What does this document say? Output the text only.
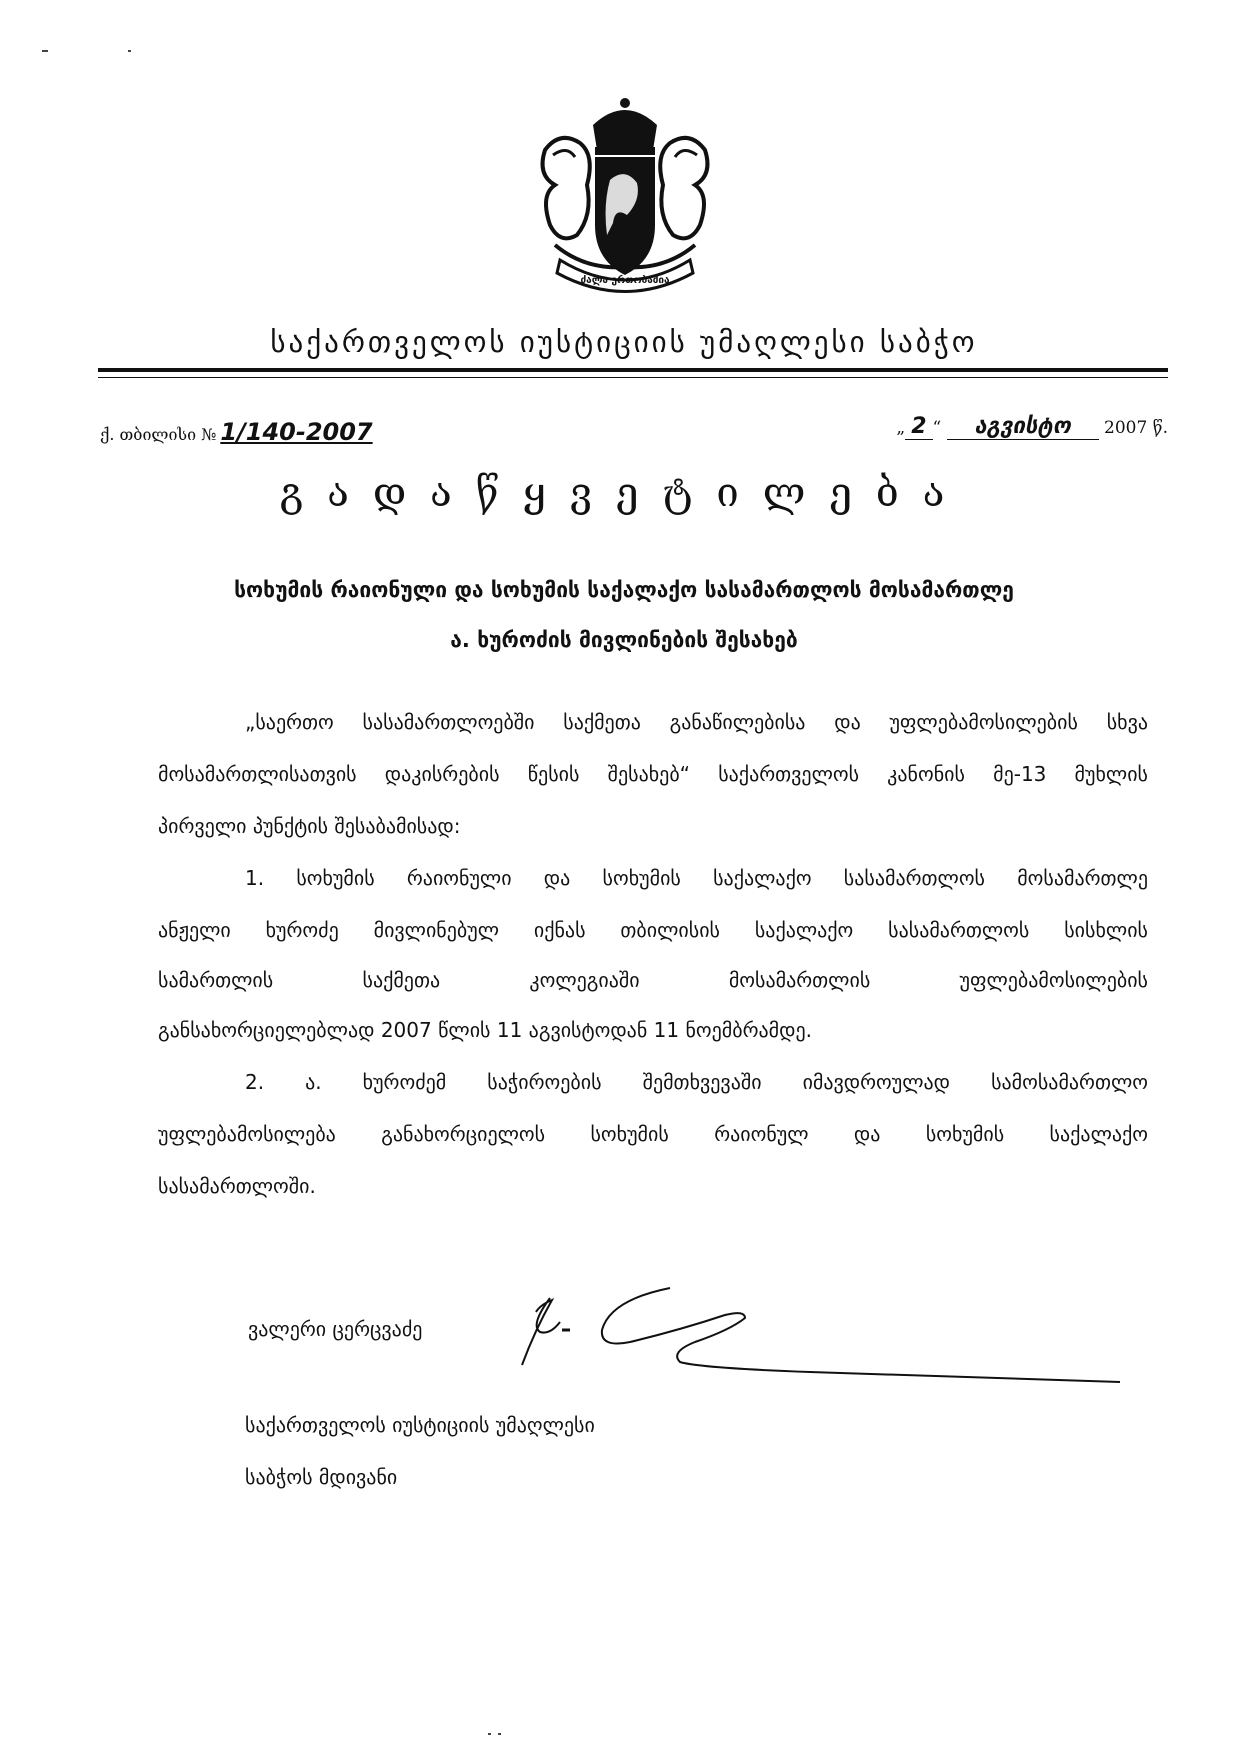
ძალა ერთობაშია
საქართველოს იუსტიციის უმაღლესი საბჭო
ქ. თბილისი № 1/140-2007	„ 2 “ აგვისტო 2007 წ.
გადაწყვეტილება
სოხუმის რაიონული და სოხუმის საქალაქო სასამართლოს მოსამართლე
ა. ხუროძის მივლინების შესახებ
„საერთო სასამართლოებში საქმეთა განაწილებისა და უფლებამოსილების სხვა
მოსამართლისათვის დაკისრების წესის შესახებ“ საქართველოს კანონის მე-13 მუხლის
პირველი პუნქტის შესაბამისად:
1. სოხუმის რაიონული და სოხუმის საქალაქო სასამართლოს მოსამართლე
ანჟელი ხუროძე მივლინებულ იქნას თბილისის საქალაქო სასამართლოს სისხლის
სამართლის საქმეთა კოლეგიაში მოსამართლის უფლებამოსილების
განსახორციელებლად 2007 წლის 11 აგვისტოდან 11 ნოემბრამდე.
2. ა. ხუროძემ საჭიროების შემთხვევაში იმავდროულად სამოსამართლო
უფლებამოსილება განახორციელოს სოხუმის რაიონულ და სოხუმის საქალაქო
სასამართლოში.
ვალერი ცერცვაძე
საქართველოს იუსტიციის უმაღლესი
საბჭოს მდივანი
